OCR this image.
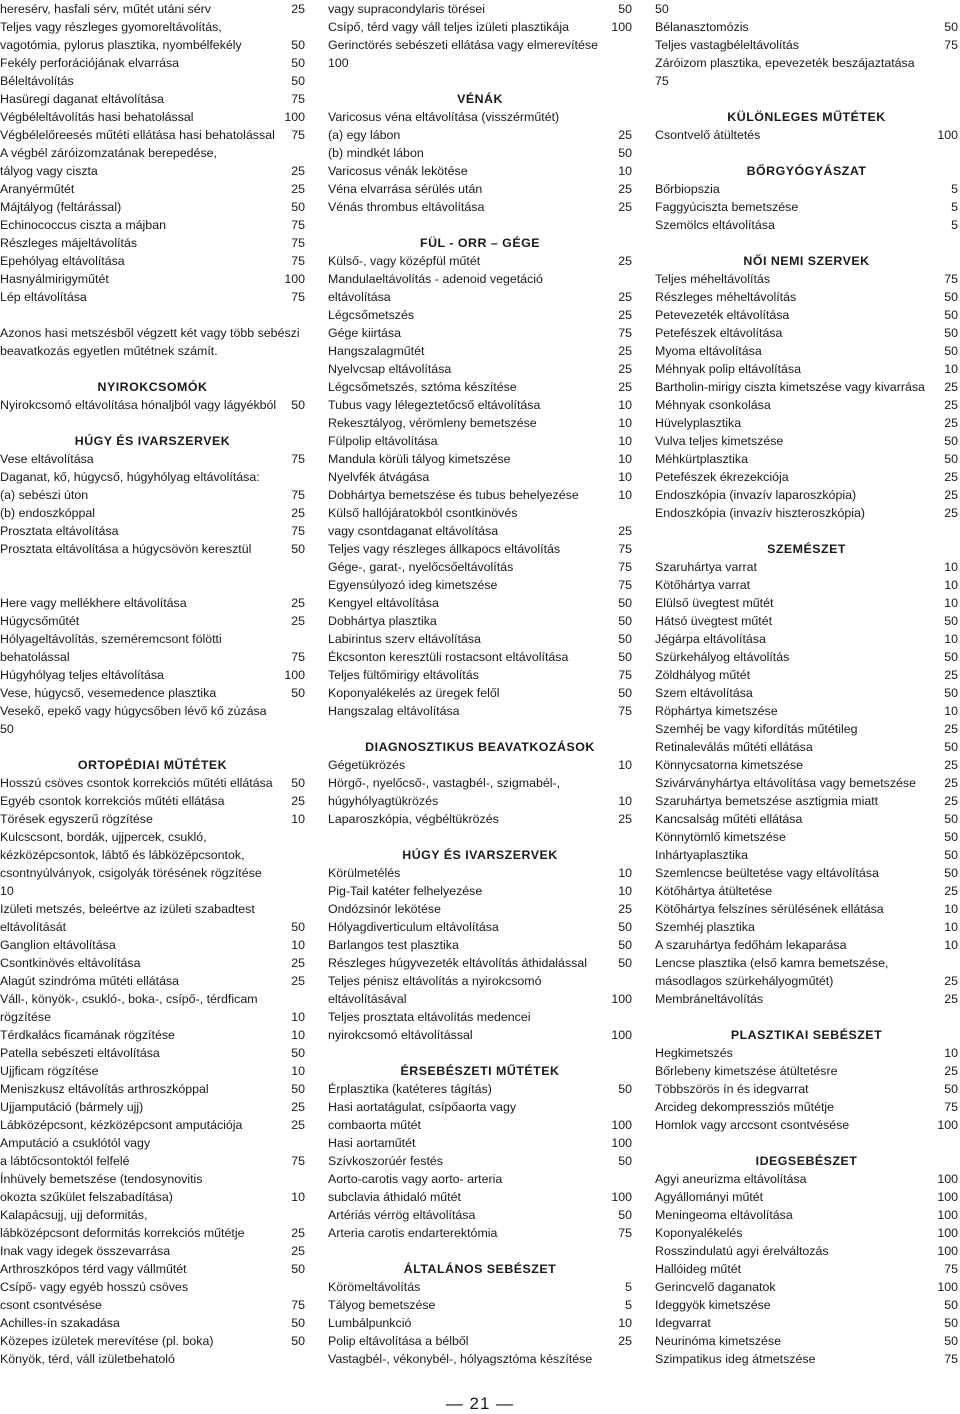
heresérv, hasfali sérv, műtét utáni sérv	25
Teljes vagy részleges gyomoreltávolítás,
vagotómia, pylorus plasztika, nyombélfekély	50
Fekély perforációjának elvarrása	50
Béleltávolítás	50
Hasüregi daganat eltávolítása	75
Végbéleltávolítás hasi behatolással	100
Végbélelőreesés műtéti ellátása hasi behatolással 75
A végbél záróizomzatának berepedése,
tályog vagy ciszta	25
Aranyérműtét	25
Májtályog (feltárással)	50
Echinococcus ciszta a májban	75
Részleges májeltávolítás	75
Epehólyag eltávolítása	75
Hasnyálmirigyműtét	100
Lép eltávolítása	75
Azonos hasi metszésből végzett két vagy több sebészi
beavatkozás egyetlen műtétnek számít.
NYIROKCSOMÓK
Nyirokcsomó eltávolítása hónaljból vagy lágyékból 50
HÚGY ÉS IVARSZERVEK
Vese eltávolítása	75
Daganat, kő, húgycső, húgyhólyag eltávolítása:
(a) sebészi úton	75
(b) endoszkóppal	25
Prosztata eltávolítása	75
Prosztata eltávolítása a húgycsövön keresztül	50
Here vagy mellékhere eltávolítása	25
Húgycsőműtét	25
Hólyageltávolítás, szeméremcsont fölötti
behatolással	75
Húgyhólyag teljes eltávolítása	100
Vese, húgycső, vesemedence plasztika	50
Vesekő, epekő vagy húgycsőben lévő kő zúzása
50
ORTOPÉDIAI MŰTÉTEK
Hosszú csöves csontok korrekciós műtéti ellátása 50
Egyéb csontok korrekciós műtéti ellátása	25
Törések egyszerű rögzítése	10
Kulcscsont, bordák, ujjpercek, csukló,
kézközépcsontok, lábtő és lábközépcsontok,
csontnyúlványok, csigolyák törésének rögzítése
10
Izületi metszés, beleértve az izületi szabadtest
eltávolítását	50
Ganglion eltávolítása	10
Csontkinövés eltávolítása	25
Alagút szindróma műtéti ellátása	25
Váll-, könyök-, csukló-, boka-, csípő-, térdficam
rögzítése	10
Térdkalács ficamának rögzítése	10
Patella sebészeti eltávolítása	50
Ujjficam rögzítése	10
Meniszkusz eltávolítás arthroszkóppal	50
Ujjamputáció (bármely ujj)	25
Lábközépcsont, kézközépcsont amputációja	25
Amputáció a csuklótól vagy
a lábtőcsontoktól felfelé	75
Ínhüvely bemetszése (tendosynovitis
okozta szűkület felszabadítása)	10
Kalapácsujj, ujj deformitás,
lábközépcsont deformitás korrekciós műtétje	25
Inak vagy idegek összevarrása	25
Arthroszkópos térd vagy vállműtét	50
Csípő- vagy egyéb hosszú csöves
csont csontvésése	75
Achilles-ín szakadása	50
Közepes izületek merevítése (pl. boka)	50
Könyök, térd, váll izületbehatoló
vagy supracondylaris törései	50
Csípő, térd vagy váll teljes izületi plasztikája	100
Gerinctörés sebészeti ellátása vagy elmerevítése
100
VÉNÁK
Varicosus véna eltávolítása (visszérműtét)
(a) egy lábon	25
(b) mindkét lábon	50
Varicosus vénák lekötése	10
Véna elvarrása sérülés után	25
Vénás thrombus eltávolítása	25
FÜL - ORR – GÉGE
Külső-, vagy középfül műtét	25
Mandulaeltávolítás - adenoid vegetáció
eltávolítása	25
Légcsőmetszés	25
Gége kiirtása	75
Hangszalagműtét	25
Nyelvcsap eltávolítása	25
Légcsőmetszés, sztóma készítése	25
Tubus vagy lélegeztetőcső eltávolítása	10
Rekesztályog, vérömleny bemetszése	10
Fülpolip eltávolítása	10
Mandula körüli tályog kimetszése	10
Nyelvfék átvágása	10
Dobhártya bemetszése és tubus behelyezése	10
Külső hallójáratokból csontkinövés
vagy csontdaganat eltávolítása	25
Teljes vagy részleges állkapocs eltávolítás	75
Gége-, garat-, nyelőcsőeltávolítás	75
Egyensúlyozó ideg kimetszése	75
Kengyel eltávolítása	50
Dobhártya plasztika	50
Labirintus szerv eltávolítása	50
Ékcsonton keresztüli rostacsont eltávolítása	50
Teljes fültőmirigy eltávolítás	75
Koponyalékelés az üregek felől	50
Hangszalag eltávolítása	75
DIAGNOSZTIKUS BEAVATKOZÁSOK
Gégetükrözés	10
Hörgő-, nyelőcső-, vastagbél-, szigmabél-,
húgyhólyagtükrözés	10
Laparoszkópia, végbéltükrözés	25
HÚGY ÉS IVARSZERVEK
Körülmetélés	10
Pig-Tail katéter felhelyezése	10
Ondózsinór lekötése	25
Hólyagdiverticulum eltávolítása	50
Barlangos test plasztika	50
Részleges húgyvezeték eltávolítás áthidalással	50
Teljes pénisz eltávolítás a nyirokcsomó
eltávolításával	100
Teljes prosztata eltávolítás medencei
nyirokcsomó eltávolítással	100
ÉRSEBÉSZETI MŰTÉTEK
Érplasztika (katéteres tágítás)	50
Hasi aortatágulat, csípőaorta vagy
combaorta műtét	100
Hasi aortaműtét	100
Szívkoszorúér festés	50
Aorto-carotis vagy aorto- arteria
subclavia áthidaló műtét	100
Artériás vérrög eltávolítása	50
Arteria carotis endarterektómia	75
ÁLTALÁNOS SEBÉSZET
Körömeltávolítás	5
Tályog bemetszése	5
Lumbálpunkció	10
Polip eltávolítása a bélből	25
Vastagbél-, vékonybél-, hólyagsztóma készítése
50
Bélanasztomózis	50
Teljes vastagbéleltávolítás	75
Záróizom plasztika, epevezeték beszájaztatása
75
KÜLÖNLEGES MŰTÉTEK
Csontvelő átültetés	100
BŐRGYÓGYÁSZAT
Bőrbiopszia	5
Faggyúciszta bemetszése	5
Szemölcs eltávolítása	5
NŐI NEMI SZERVEK
Teljes méheltávolítás	75
Részleges méheltávolítás	50
Petevezeték eltávolítása	50
Petefészek eltávolítása	50
Myoma eltávolítása	50
Méhnyak polip eltávolítása	10
Bartholin-mirigy ciszta kimetszése vagy kivarrása 25
Méhnyak csonkolása	25
Hüvelyplasztika	25
Vulva teljes kimetszése	50
Méhkürtplasztika	50
Petefészek ékrezekciója	25
Endoszkópia (invazív laparoszkópia)	25
Endoszkópia (invazív hiszteroszkópia)	25
SZEMÉSZET
Szaruhártya varrat	10
Kötőhártya varrat	10
Elülső üvegtest műtét	10
Hátsó üvegtest műtét	50
Jégárpa eltávolítása	10
Szürkehályog eltávolítás	50
Zöldhályog műtét	25
Szem eltávolítása	50
Röphártya kimetszése	10
Szemhéj be vagy kifordítás műtétileg	25
Retinaleválás műtéti ellátása	50
Könnycsatorna kimetszése	25
Szivárványhártya eltávolítása vagy bemetszése 25
Szaruhártya bemetszése asztigmia miatt	25
Kancsalság műtéti ellátása	50
Könnytömlő kimetszése	50
Inhártyaplasztika	50
Szemlencse beültetése vagy eltávolítása	50
Kötőhártya átültetése	25
Kötőhártya felszínes sérülésének ellátása	10
Szemhéj plasztika	10
A szaruhártya fedőhám lekaparása	10
Lencse plasztika (első kamra bemetszése,
másodlagos szürkehályogműtét)	25
Membráneltávolítás	25
PLASZTIKAI SEBÉSZET
Hegkimetszés	10
Bőrlebeny kimetszése átültetésre	25
Többszörös ín és idegvarrat	50
Arcideg dekompressziós műtétje	75
Homlok vagy arccsont csontvésése	100
IDEGSEBÉSZET
Agyi aneurizma eltávolítása	100
Agyállományi műtét	100
Meningeoma eltávolítása	100
Koponyalékelés	100
Rosszindulatú agyi érelváltozás	100
Hallóideg műtét	75
Gerincvelő daganatok	100
Ideggyök kimetszése	50
Idegvarrat	50
Neurinóma kimetszése	50
Szimpatikus ideg átmetszése	75
— 21 —
